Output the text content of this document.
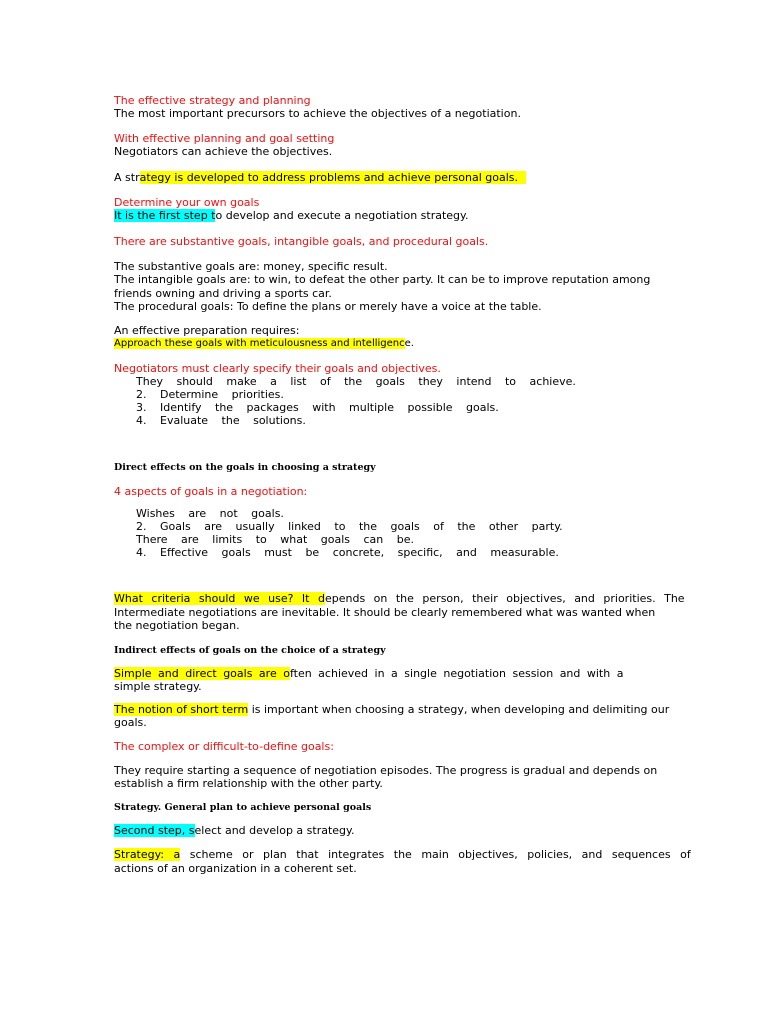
The effective strategy and planning
The most important precursors to achieve the objectives of a negotiation.
With effective planning and goal setting
Negotiators can achieve the objectives.
A strategy is developed to address problems and achieve personal goals.
Determine your own goals
It is the first step to develop and execute a negotiation strategy.
There are substantive goals, intangible goals, and procedural goals.
The substantive goals are: money, specific result.
The intangible goals are: to win, to defeat the other party. It can be to improve reputation among
friends owning and driving a sports car.
The procedural goals: To define the plans or merely have a voice at the table.
An effective preparation requires:
Approach these goals with meticulousness and intelligence.
Negotiators must clearly specify their goals and objectives.
They should make a list of the goals they intend to achieve.
2. Determine priorities.
3. Identify the packages with multiple possible goals.
4. Evaluate the solutions.
Direct effects on the goals in choosing a strategy
4 aspects of goals in a negotiation:
Wishes are not goals.
2. Goals are usually linked to the goals of the other party.
There are limits to what goals can be.
4. Effective goals must be concrete, specific, and measurable.
What criteria should we use? It depends on the person, their objectives, and priorities. The
Intermediate negotiations are inevitable. It should be clearly remembered what was wanted when
the negotiation began.
Indirect effects of goals on the choice of a strategy
Simple and direct goals are often achieved in a single negotiation session and with a
simple strategy.
The notion of short term is important when choosing a strategy, when developing and delimiting our
goals.
The complex or difficult-to-define goals:
They require starting a sequence of negotiation episodes. The progress is gradual and depends on
establish a firm relationship with the other party.
Strategy. General plan to achieve personal goals
Second step, select and develop a strategy.
Strategy: a scheme or plan that integrates the main objectives, policies, and sequences of
actions of an organization in a coherent set.
